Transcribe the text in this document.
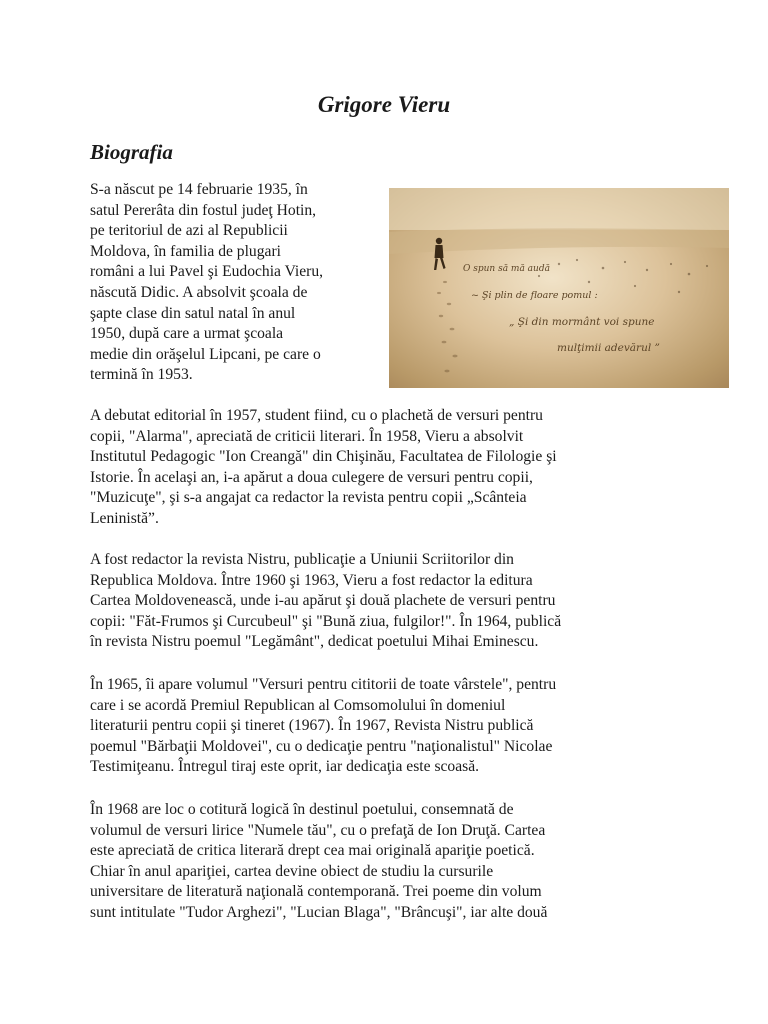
Grigore Vieru
Biografia

S-a născut pe 14 februarie 1935, în
satul Pererâta din fostul judeţ Hotin,
pe teritoriul de azi al Republicii
Moldova, în familia de plugari
români a lui Pavel şi Eudochia Vieru,
născută Didic. A absolvit şcoala de
şapte clase din satul natal în anul
1950, după care a urmat şcoala
medie din orăşelul Lipcani, pe care o
termină în 1953.

O spun să mă audă
~ Şi plin de floare pomul :
„ Şi din mormânt voi spune
mulţimii adevărul ”

A debutat editorial în 1957, student fiind, cu o plachetă de versuri pentru
copii, "Alarma", apreciată de criticii literari. În 1958, Vieru a absolvit
Institutul Pedagogic "Ion Creangă" din Chişinău, Facultatea de Filologie şi
Istorie. În acelaşi an, i-a apărut a doua culegere de versuri pentru copii,
"Muzicuţe", şi s-a angajat ca redactor la revista pentru copii „Scânteia
Leninistă”.

A fost redactor la revista Nistru, publicaţie a Uniunii Scriitorilor din
Republica Moldova. Între 1960 şi 1963, Vieru a fost redactor la editura
Cartea Moldovenească, unde i-au apărut şi două plachete de versuri pentru
copii: "Făt-Frumos şi Curcubeul" şi "Bună ziua, fulgilor!". În 1964, publică
în revista Nistru poemul "Legământ", dedicat poetului Mihai Eminescu.

În 1965, îi apare volumul "Versuri pentru cititorii de toate vârstele", pentru
care i se acordă Premiul Republican al Comsomolului în domeniul
literaturii pentru copii şi tineret (1967). În 1967, Revista Nistru publică
poemul "Bărbaţii Moldovei", cu o dedicaţie pentru "naţionalistul" Nicolae
Testimiţeanu. Întregul tiraj este oprit, iar dedicaţia este scoasă.

În 1968 are loc o cotitură logică în destinul poetului, consemnată de
volumul de versuri lirice "Numele tău", cu o prefaţă de Ion Druţă. Cartea
este apreciată de critica literară drept cea mai originală apariţie poetică.
Chiar în anul apariţiei, cartea devine obiect de studiu la cursurile
universitare de literatură naţională contemporană. Trei poeme din volum
sunt intitulate "Tudor Arghezi", "Lucian Blaga", "Brâncuşi", iar alte două
